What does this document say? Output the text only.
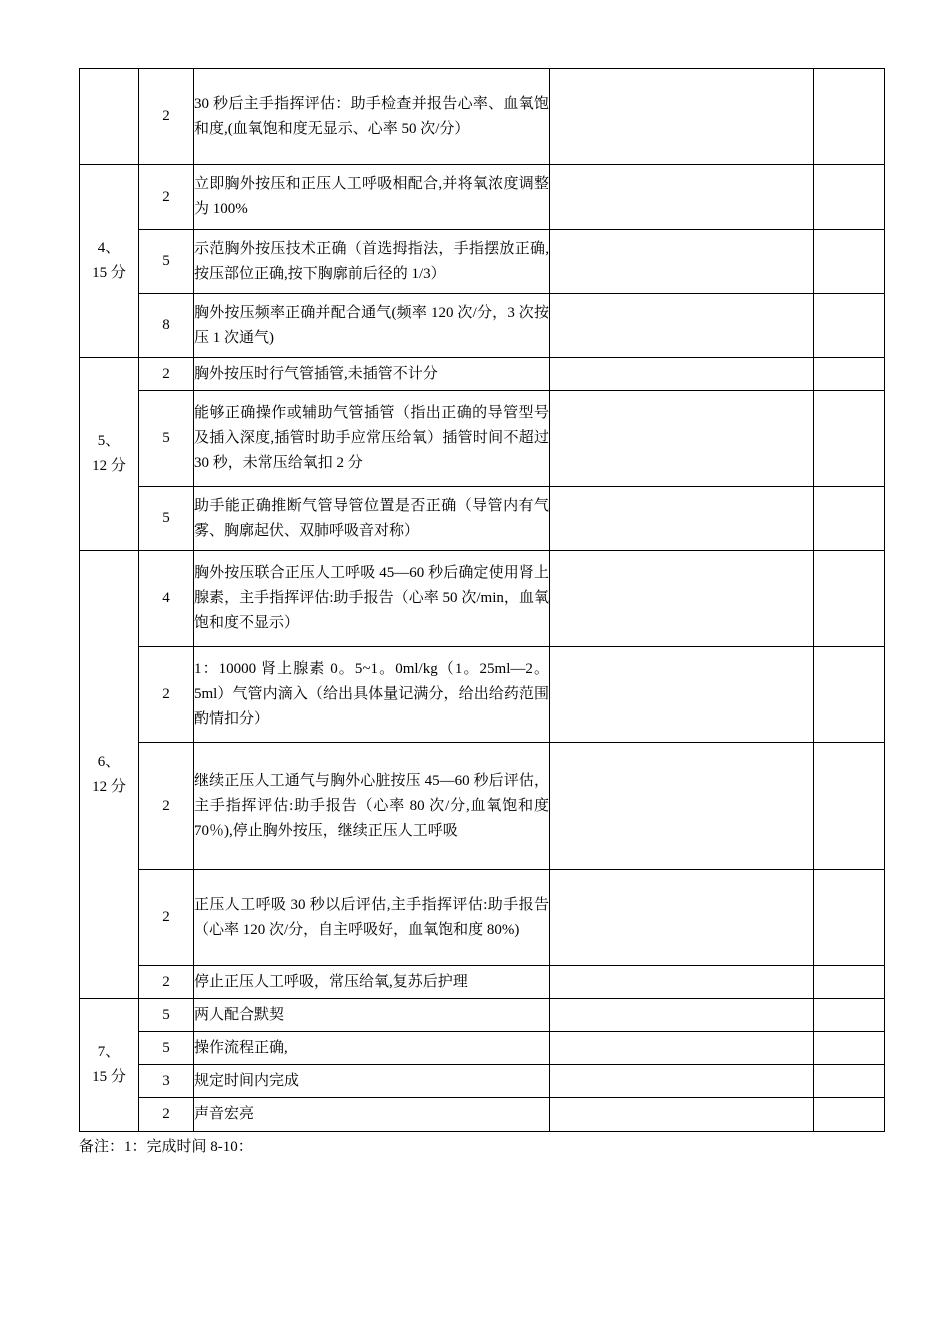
	2	30 秒后主手指挥评估：助手检查并报告心率、血氧饱和度,(血氧饱和度无显示、心率 50 次/分）		

4、
15 分	2	立即胸外按压和正压人工呼吸相配合,并将氧浓度调整为 100%		
	5	示范胸外按压技术正确（首选拇指法，手指摆放正确,按压部位正确,按下胸廓前后径的 1/3）		
	8	胸外按压频率正确并配合通气(频率 120 次/分，3 次按压 1 次通气)		

5、
12 分	2	胸外按压时行气管插管,未插管不计分		
	5	能够正确操作或辅助气管插管（指出正确的导管型号及插入深度,插管时助手应常压给氧）插管时间不超过 30 秒，未常压给氧扣 2 分		
	5	助手能正确推断气管导管位置是否正确（导管内有气雾、胸廓起伏、双肺呼吸音对称）		

6、
12 分	4	胸外按压联合正压人工呼吸 45—60 秒后确定使用肾上腺素，主手指挥评估:助手报告（心率 50 次/min，血氧饱和度不显示）		
	2	1：10000 肾上腺素 0。5~1。0ml/kg（1。25ml—2。5ml）气管内滴入（给出具体量记满分，给出给药范围酌情扣分）		
	2	继续正压人工通气与胸外心脏按压 45—60 秒后评估，主手指挥评估:助手报告（心率 80 次/分,血氧饱和度 70％),停止胸外按压，继续正压人工呼吸		
	2	正压人工呼吸 30 秒以后评估,主手指挥评估:助手报告（心率 120 次/分，自主呼吸好，血氧饱和度 80%)		
	2	停止正压人工呼吸，常压给氧,复苏后护理		

7、
15 分	5	两人配合默契		
	5	操作流程正确,		
	3	规定时间内完成		
	2	声音宏亮		
备注：1：完成时间 8-10：
